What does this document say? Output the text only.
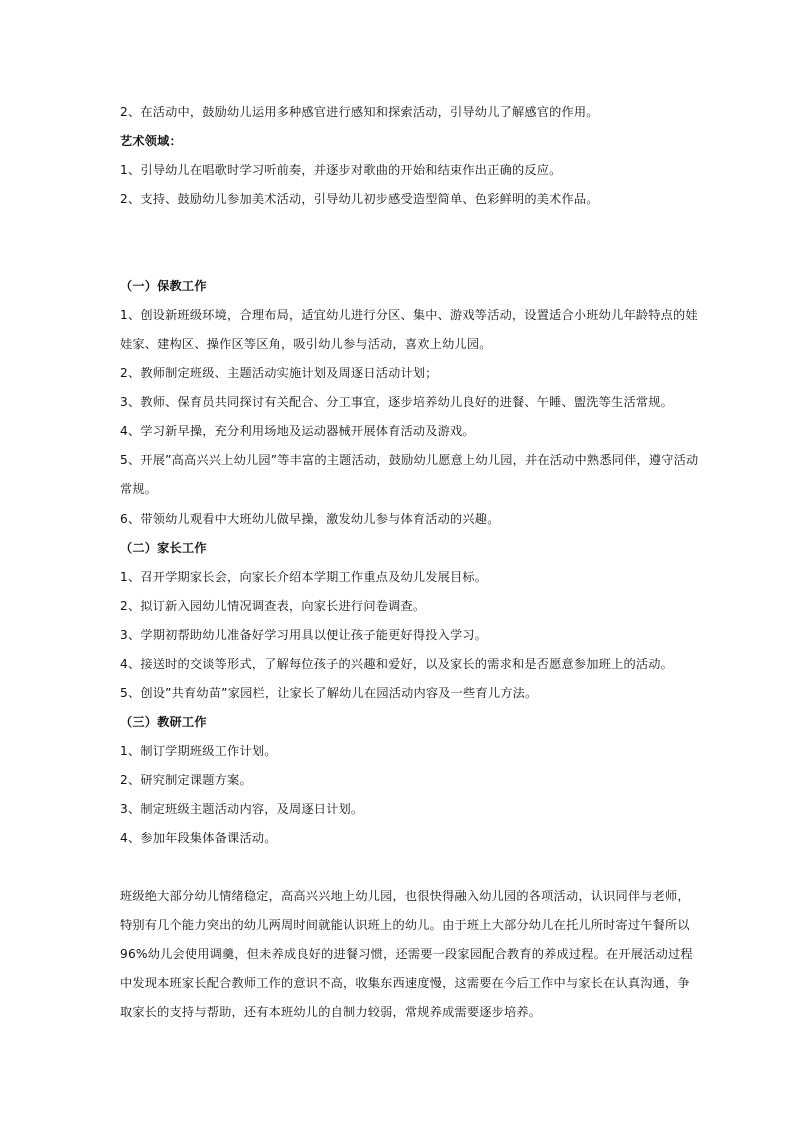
2、在活动中，鼓励幼儿运用多种感官进行感知和探索活动，引导幼儿了解感官的作用。
艺术领域：
1、引导幼儿在唱歌时学习听前奏，并逐步对歌曲的开始和结束作出正确的反应。
2、支持、鼓励幼儿参加美术活动，引导幼儿初步感受造型简单、色彩鲜明的美术作品。
（一）保教工作
1、创设新班级环境，合理布局，适宜幼儿进行分区、集中、游戏等活动，设置适合小班幼儿年龄特点的娃
娃家、建构区、操作区等区角，吸引幼儿参与活动，喜欢上幼儿园。
2、教师制定班级、主题活动实施计划及周逐日活动计划；
3、教师、保育员共同探讨有关配合、分工事宜，逐步培养幼儿良好的进餐、午睡、盥洗等生活常规。
4、学习新早操，充分利用场地及运动器械开展体育活动及游戏。
5、开展”高高兴兴上幼儿园”等丰富的主题活动，鼓励幼儿愿意上幼儿园，并在活动中熟悉同伴，遵守活动
常规。
6、带领幼儿观看中大班幼儿做早操，激发幼儿参与体育活动的兴趣。
（二）家长工作
1、召开学期家长会，向家长介绍本学期工作重点及幼儿发展目标。
2、拟订新入园幼儿情况调查表，向家长进行问卷调查。
3、学期初帮助幼儿准备好学习用具以便让孩子能更好得投入学习。
4、接送时的交谈等形式，了解每位孩子的兴趣和爱好，以及家长的需求和是否愿意参加班上的活动。
5、创设”共育幼苗”家园栏，让家长了解幼儿在园活动内容及一些育儿方法。
（三）教研工作
1、制订学期班级工作计划。
2、研究制定课题方案。
3、制定班级主题活动内容，及周逐日计划。
4、参加年段集体备课活动。
班级绝大部分幼儿情绪稳定，高高兴兴地上幼儿园，也很快得融入幼儿园的各项活动，认识同伴与老师，
特别有几个能力突出的幼儿两周时间就能认识班上的幼儿。由于班上大部分幼儿在托儿所时寄过午餐所以
96%幼儿会使用调羹，但未养成良好的进餐习惯，还需要一段家园配合教育的养成过程。在开展活动过程
中发现本班家长配合教师工作的意识不高，收集东西速度慢，这需要在今后工作中与家长在认真沟通，争
取家长的支持与帮助，还有本班幼儿的自制力较弱，常规养成需要逐步培养。
